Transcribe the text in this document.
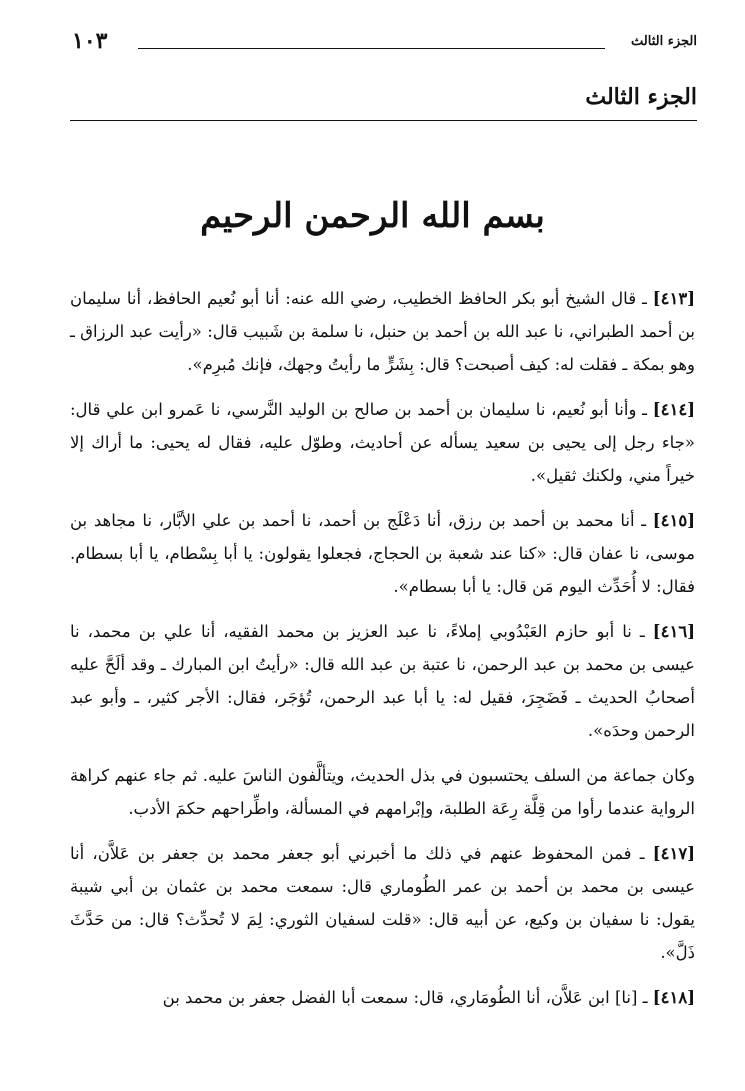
الجزء الثالث
١٠٣
الجزء الثالث
بسم الله الرحمن الرحيم

[٤١٣] ـ قال الشيخ أبو بكر الحافظ الخطيب، رضي الله عنه: أنا أبو نُعيم الحافظ، أنا سليمان بن أحمد الطبراني، نا عبد الله بن أحمد بن حنبل، نا سلمة بن شَبيب قال: «رأيت عبد الرزاق ـ وهو بمكة ـ فقلت له: كيف أصبحت؟ قال: بِشَرٍّ ما رأيتُ وجهك، فإنك مُبرِم».

[٤١٤] ـ وأنا أبو نُعيم، نا سليمان بن أحمد بن صالح بن الوليد النَّرسي، نا عَمرو ابن علي قال: «جاء رجل إلى يحيى بن سعيد يسأله عن أحاديث، وطوّل عليه، فقال له يحيى: ما أراك إلا خيراً مني، ولكنك ثقيل».

[٤١٥] ـ أنا محمد بن أحمد بن رزق، أنا دَعْلَج بن أحمد، نا أحمد بن علي الأبَّار، نا مجاهد بن موسى، نا عفان قال: «كنا عند شعبة بن الحجاج، فجعلوا يقولون: يا أبا بِسْطام، يا أبا بسطام. فقال: لا أُحَدِّث اليوم مَن قال: يا أبا بسطام».

[٤١٦] ـ نا أبو حازم العَبْدُوبي إملاءً، نا عبد العزيز بن محمد الفقيه، أنا علي بن محمد، نا عيسى بن محمد بن عبد الرحمن، نا عتبة بن عبد الله قال: «رأيتُ ابن المبارك ـ وقد ألَحَّ عليه أصحابُ الحديث ـ فَضَجِرَ، فقيل له: يا أبا عبد الرحمن، تُؤجَر، فقال: الأجر كثير، ـ وأبو عبد الرحمن وحدَه».

وكان جماعة من السلف يحتسبون في بذل الحديث، ويتألَّفون الناسَ عليه. ثم جاء عنهم كراهة الرواية عندما رأوا من قِلَّة رِعَة الطلبة، وإبْرامهم في المسألة، واطِّراحهم حكمَ الأدب.

[٤١٧] ـ فمن المحفوظ عنهم في ذلك ما أخبرني أبو جعفر محمد بن جعفر بن عَلاَّن، أنا عيسى بن محمد بن أحمد بن عمر الطُوماري قال: سمعت محمد بن عثمان بن أبي شيبة يقول: نا سفيان بن وكيع، عن أبيه قال: «قلت لسفيان الثوري: لِمَ لا تُحدِّث؟ قال: من حَدَّثَ ذَلَّ».

[٤١٨] ـ [نا] ابن عَلاَّن، أنا الطُومَاري، قال: سمعت أبا الفضل جعفر بن محمد بن
